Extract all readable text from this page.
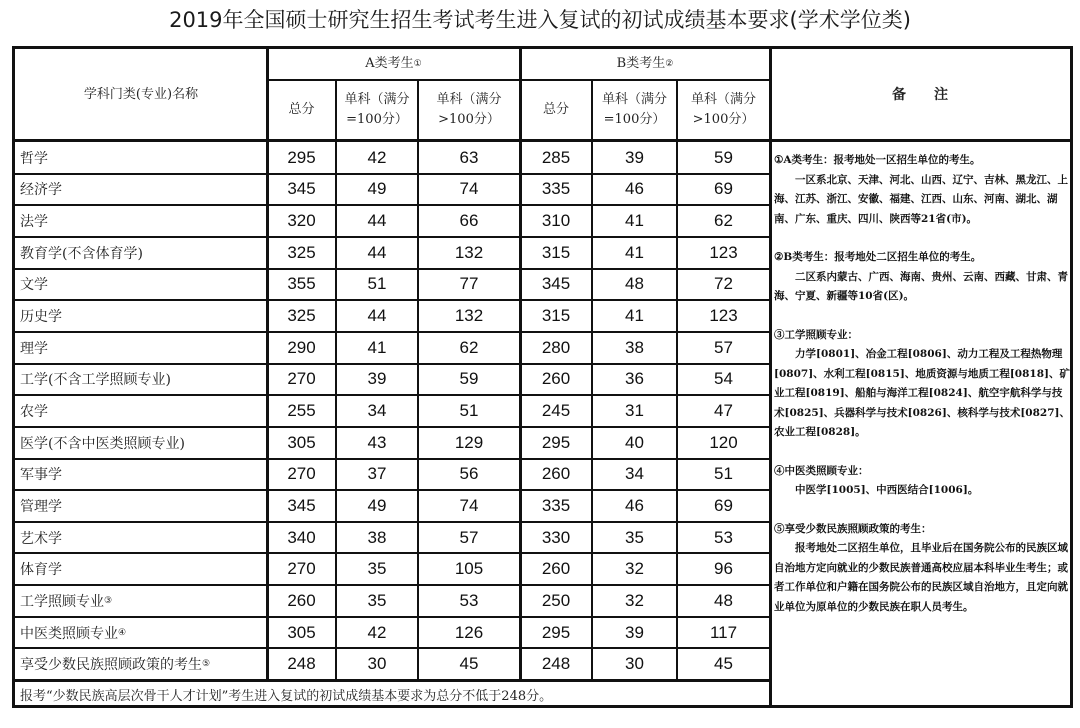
2019年全国硕士研究生招生考试考生进入复试的初试成绩基本要求(学术学位类)
学科门类(专业)名称
A类考生 ①	B类考生 ②
备　　注
总分
单科（满分
=100分）
单科（满分
>100分）
总分
单科（满分
=100分）
单科（满分
>100分）
哲学	295	42	63	285	39	59
经济学	345	49	74	335	46	69
法学	320	44	66	310	41	62
教育学(不含体育学)	325	44	132	315	41	123
文学	355	51	77	345	48	72
历史学	325	44	132	315	41	123
理学	290	41	62	280	38	57
工学(不含工学照顾专业)	270	39	59	260	36	54
农学	255	34	51	245	31	47
医学(不含中医类照顾专业)	305	43	129	295	40	120
军事学	270	37	56	260	34	51
管理学	345	49	74	335	46	69
艺术学	340	38	57	330	35	53
体育学	270	35	105	260	32	96
工学照顾专业 ③	260	35	53	250	32	48
中医类照顾专业 ④	305	42	126	295	39	117
享受少数民族照顾政策的考生 ⑤	248	30	45	248	30	45
报考“少数民族高层次骨干人才计划”考生进入复试的初试成绩基本要求为总分不低于248分。

①A类考生：报考地处一区招生单位的考生。

一区系北京、天津、河北、山西、辽宁、吉林、黑龙江、上海、江苏、浙江、安徽、福建、江西、山东、河南、湖北、湖南、广东、重庆、四川、陕西等21省(市)。

②B类考生：报考地处二区招生单位的考生。

二区系内蒙古、广西、海南、贵州、云南、西藏、甘肃、青海、宁夏、新疆等10省(区)。

③工学照顾专业：

力学[0801]、冶金工程[0806]、动力工程及工程热物理[0807]、水利工程[0815]、地质资源与地质工程[0818]、矿业工程[0819]、船舶与海洋工程[0824]、航空宇航科学与技术[0825]、兵器科学与技术[0826]、核科学与技术[0827]、农业工程[0828]。

④中医类照顾专业：

中医学[1005]、中西医结合[1006]。

⑤享受少数民族照顾政策的考生：

报考地处二区招生单位，且毕业后在国务院公布的民族区域自治地方定向就业的少数民族普通高校应届本科毕业生考生；或者工作单位和户籍在国务院公布的民族区域自治地方，且定向就业单位为原单位的少数民族在职人员考生。
